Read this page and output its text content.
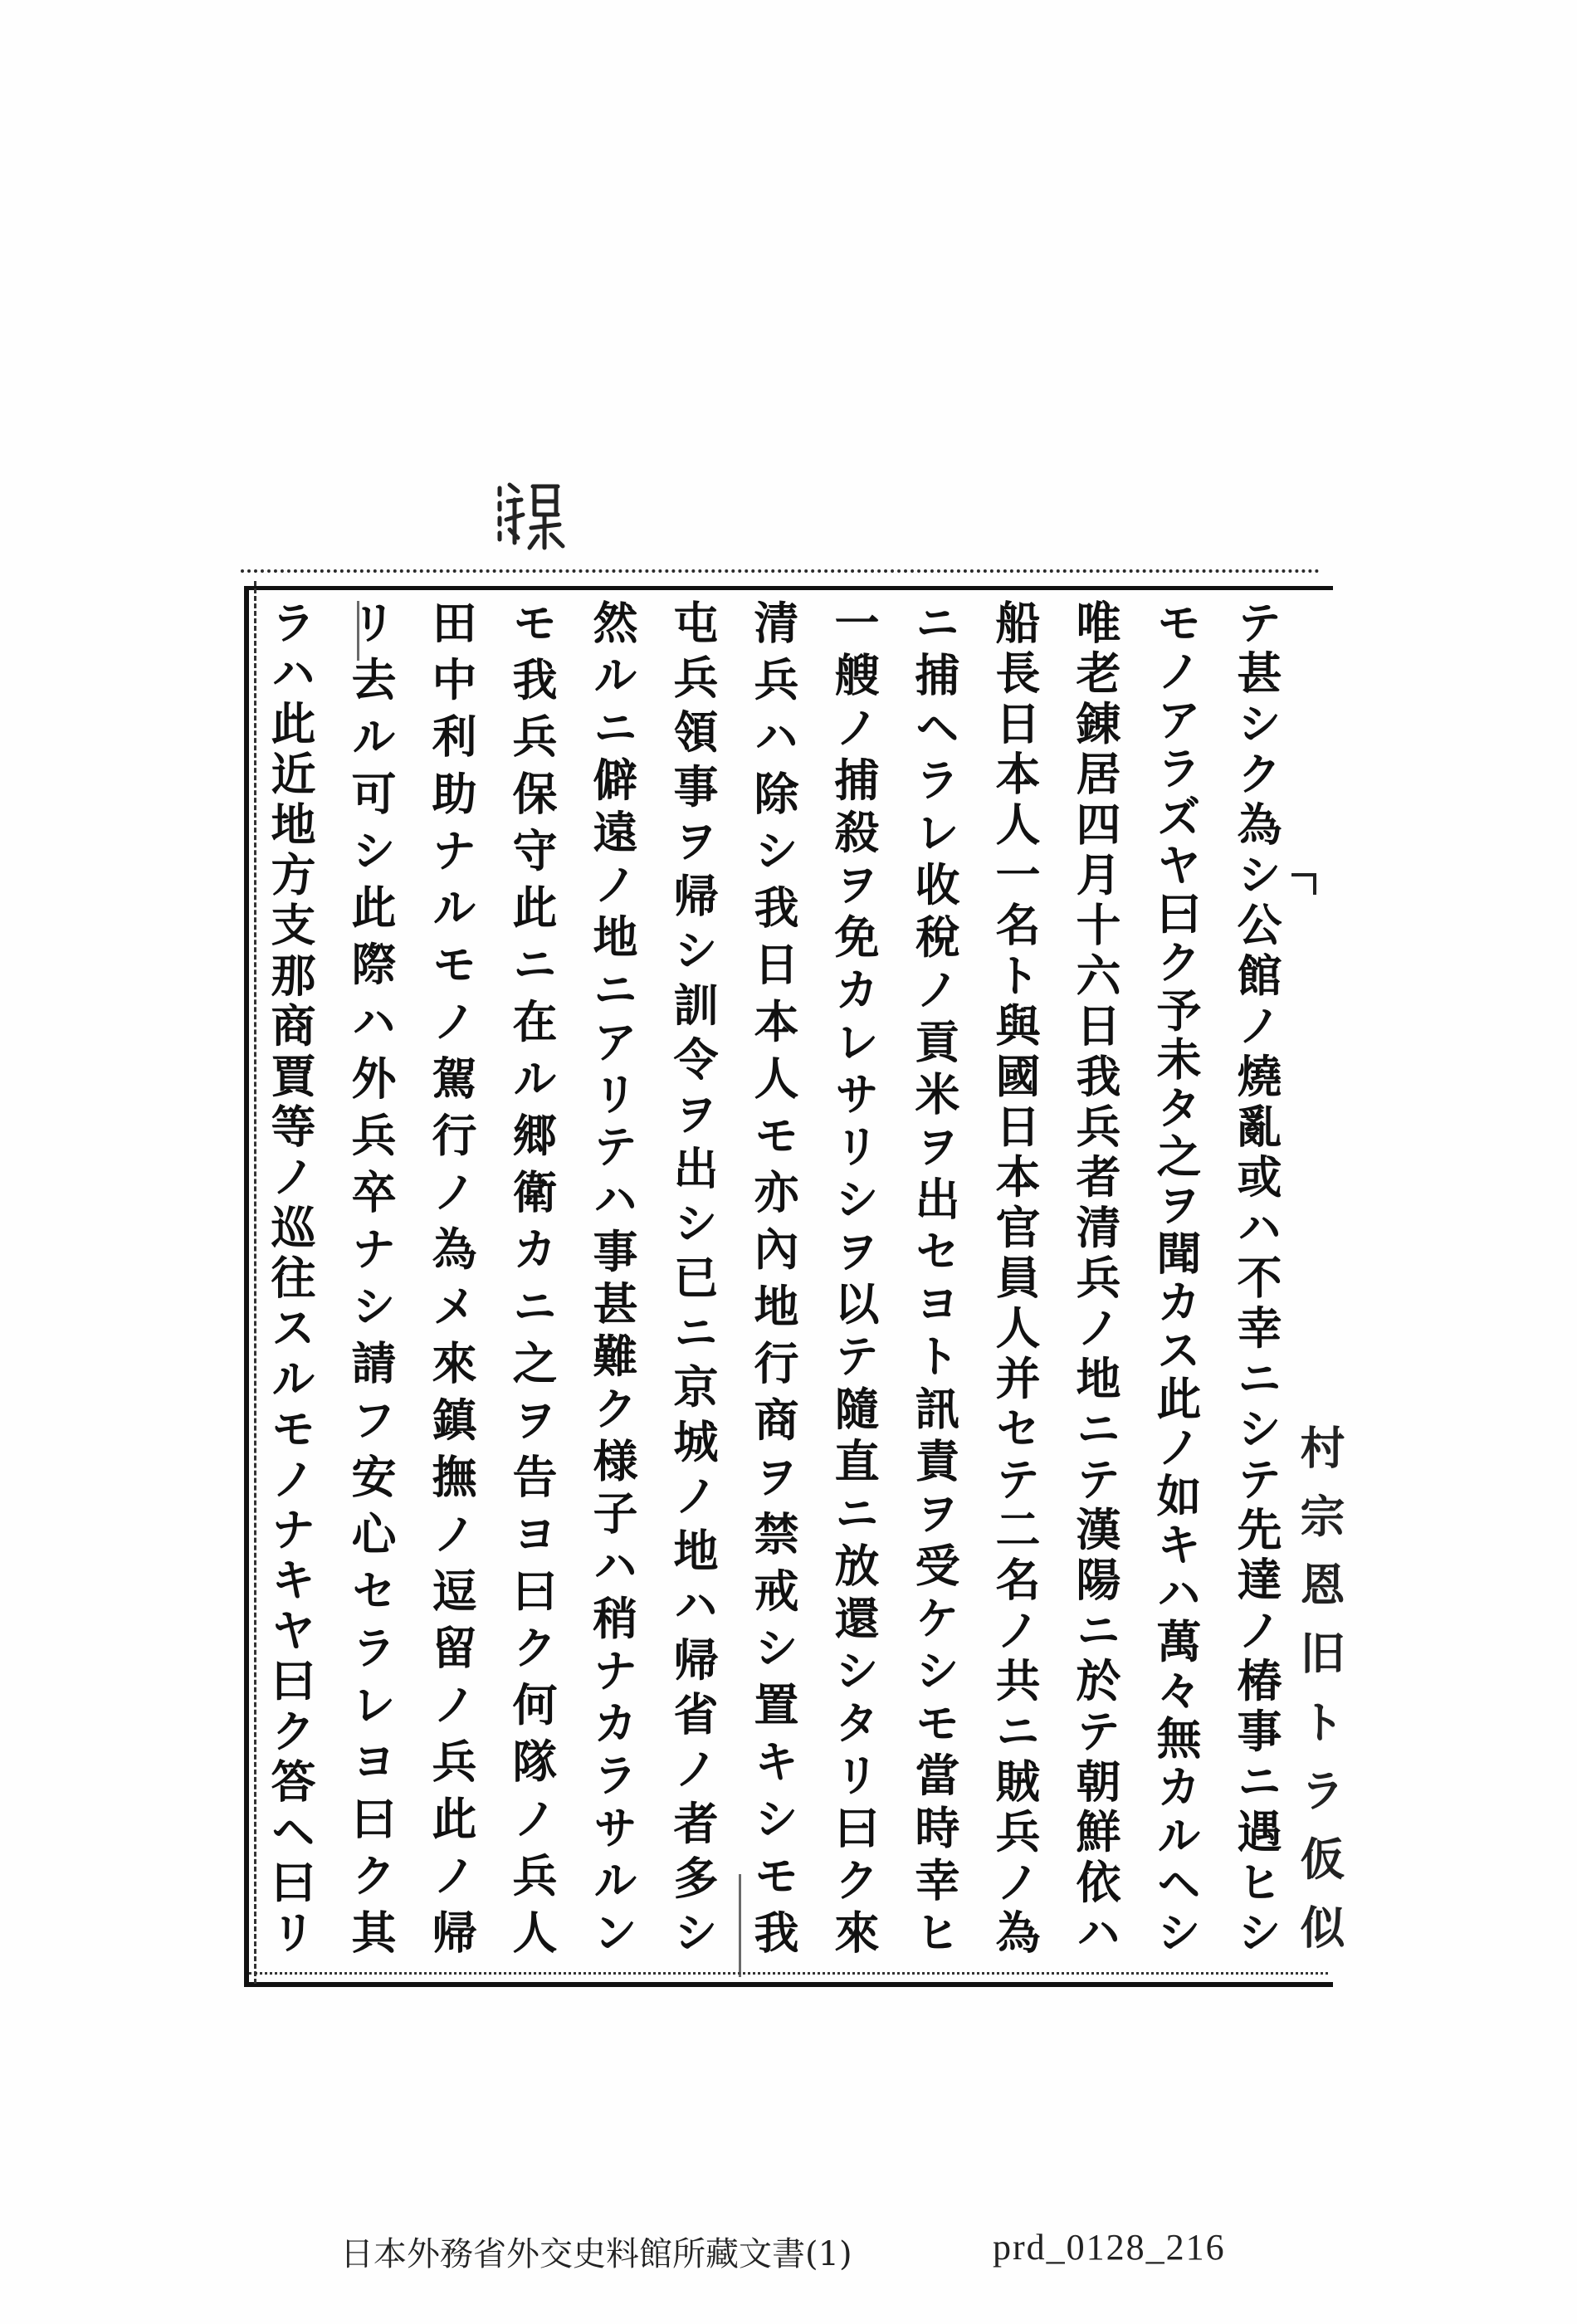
テ甚シク為シ公館ノ燒亂或ハ不幸ニシテ先達ノ椿事ニ遇ヒシ
モノアラズヤ曰ク予未タ之ヲ聞カス此ノ如キハ萬々無カルヘシ
唯老錬居四月十六日我兵者清兵ノ地ニテ漢陽ニ於テ朝鮮依ハ
船長日本人一名ト與國日本官員人并セテ二名ノ共ニ賊兵ノ為
ニ捕ヘラレ收稅ノ貢米ヲ出セヨト訊責ヲ受ケシモ當時幸ヒ
一艘ノ捕殺ヲ免カレサリシヲ以テ隨直ニ放還シタリ曰ク來
清兵ハ除シ我日本人モ亦內地行商ヲ禁戒シ置キシモ我
屯兵領事ヲ帰シ訓令ヲ出シ已ニ京城ノ地ハ帰省ノ者多シ
然ルニ僻遠ノ地ニアリテハ事甚難ク様子ハ稍ナカラサルン
モ我兵保守此ニ在ル郷衛カニ之ヲ告ヨ曰ク何隊ノ兵人
田中利助ナルモノ駕行ノ為メ來鎮撫ノ逗留ノ兵此ノ帰
リ去ル可シ此際ハ外兵卒ナシ請フ安心セラレヨ曰ク其
ラハ此近地方支那商賈等ノ巡往スルモノナキヤ曰ク答ヘ曰リ	村宗恩旧トラ仮似
日本外務省外交史料館所藏文書(1)	prd_0128_216
